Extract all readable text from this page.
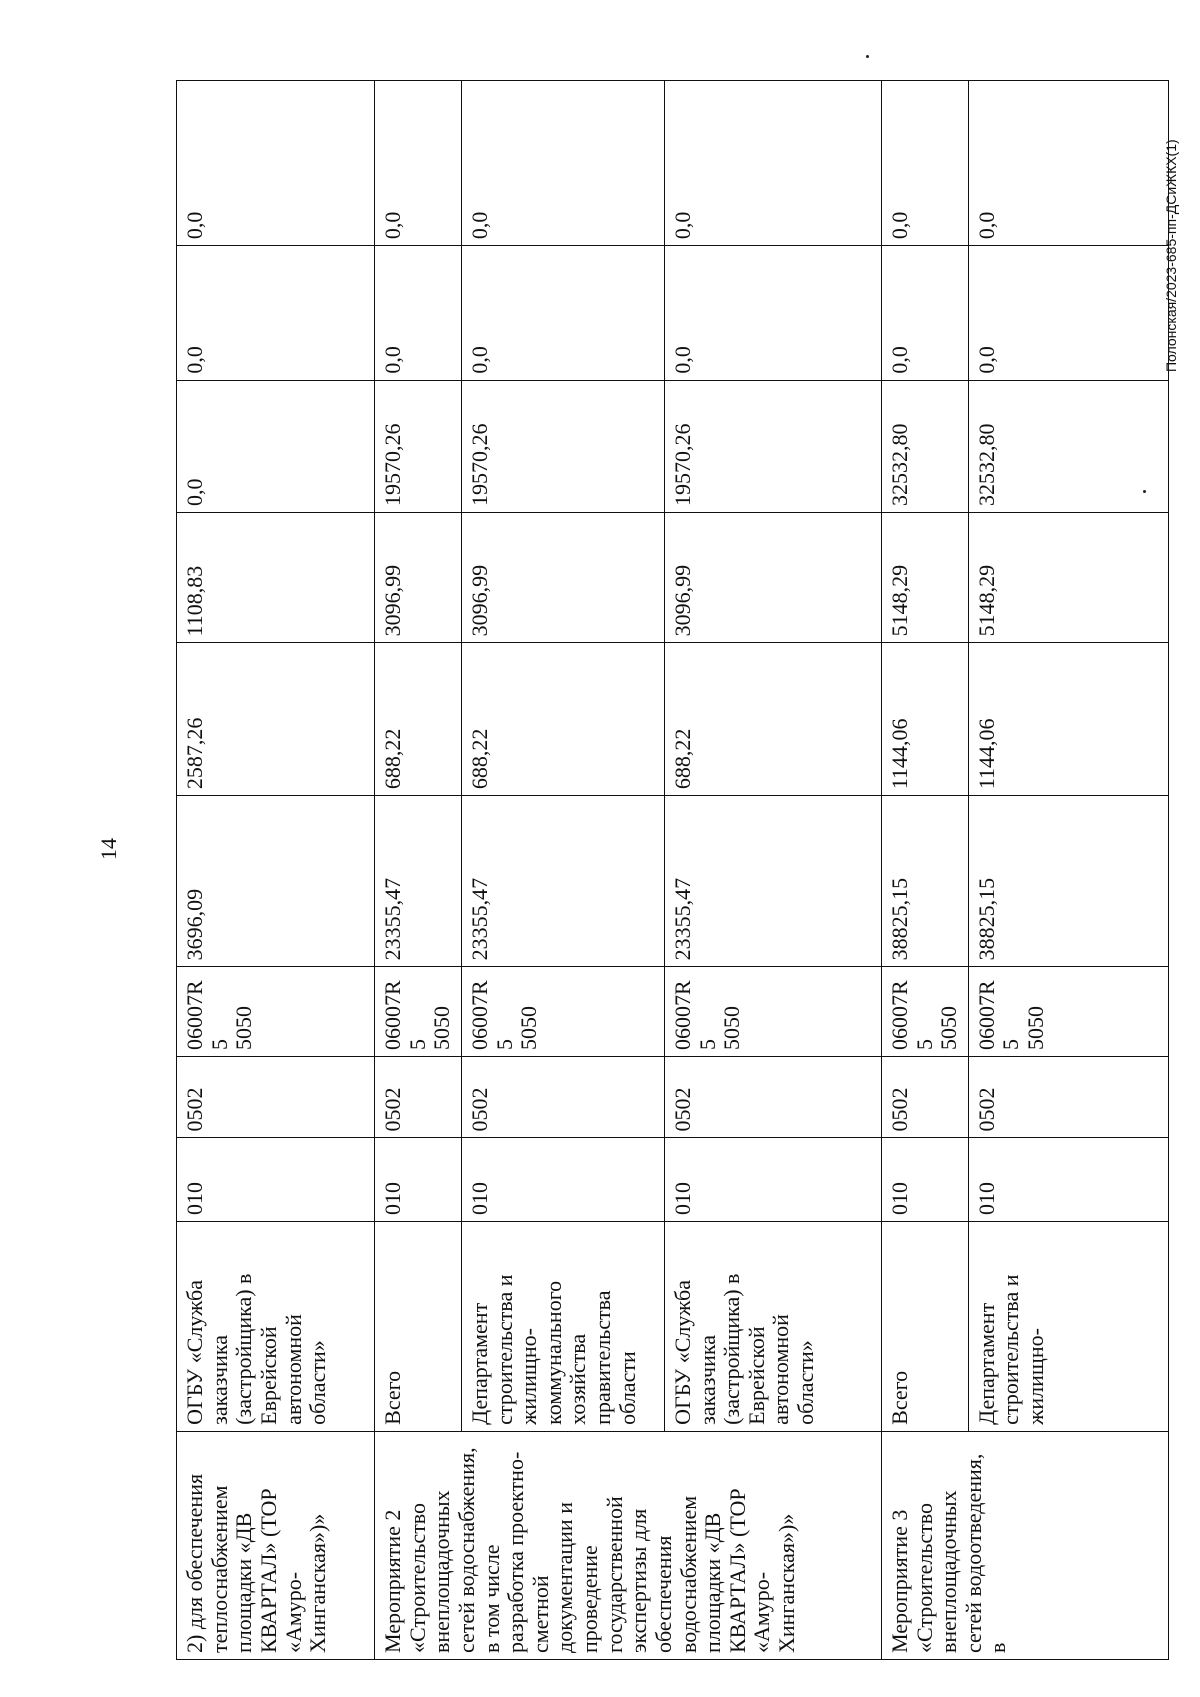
14
Полонская/2023-685-пп-ДСиЖКХ(1)
2) для обеспечения теплоснабжением площадки «ДВ КВАРТАЛ» (ТОР «Амуро-Хинганская»)»	ОГБУ «Служба заказчика (застройщика) в Еврейской автономной области»	010	0502	06007R5 5050	3696,09	2587,26	1108,83	0,0	0,0	0,0
Мероприятие 2 «Строительство внеплощадочных сетей водоснабжения, в том числе разработка проектно-сметной документации и проведение государственной экспертизы для обеспечения водоснабжением площадки «ДВ КВАРТАЛ» (ТОР «Амуро-Хинганская»)»	Всего	010	0502	06007R5 5050	23355,47	688,22	3096,99	19570,26	0,0	0,0
	Департамент строительства и жилищно-коммунального хозяйства правительства области	010	0502	06007R5 5050	23355,47	688,22	3096,99	19570,26	0,0	0,0
	ОГБУ «Служба заказчика (застройщика) в Еврейской автономной области»	010	0502	06007R5 5050	23355,47	688,22	3096,99	19570,26	0,0	0,0
Мероприятие 3 «Строительство внеплощадочных сетей водоотведения, в	Всего	010	0502	06007R5 5050	38825,15	1144,06	5148,29	32532,80	0,0	0,0
	Департамент строительства и жилищно-	010	0502	06007R5 5050	38825,15	1144,06	5148,29	32532,80	0,0	0,0
